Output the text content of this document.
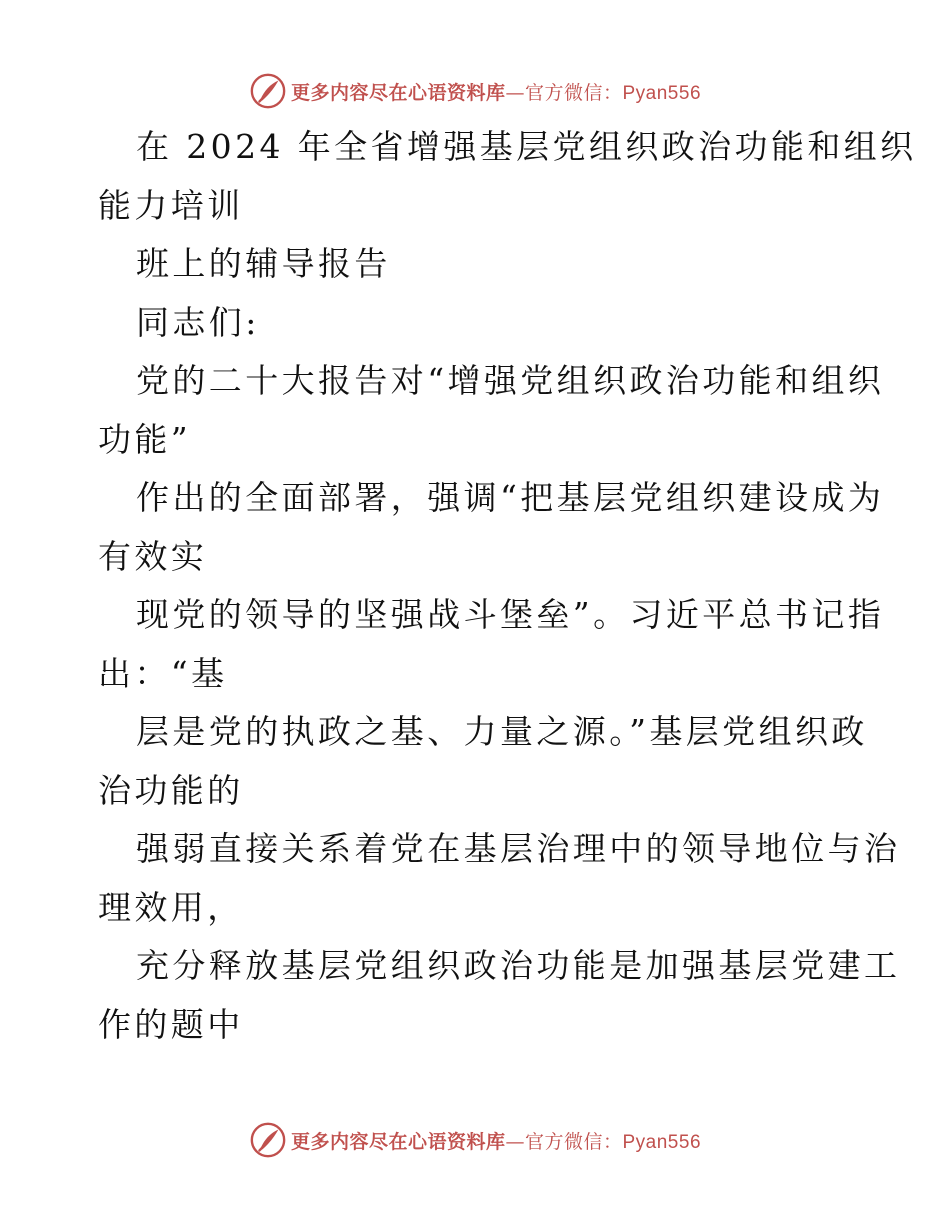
更多内容尽在心语资料库—官方微信：Pyan556
在 2024 年全省增强基层党组织政治功能和组织
能力培训
班上的辅导报告
同志们:
党的二十大报告对“增强党组织政治功能和组织
功能”
作出的全面部署，强调“把基层党组织建设成为
有效实
现党的领导的坚强战斗堡垒”。习近平总书记指
出：“基
层是党的执政之基、力量之源。”基层党组织政
治功能的
强弱直接关系着党在基层治理中的领导地位与治
理效用，
充分释放基层党组织政治功能是加强基层党建工
作的题中
更多内容尽在心语资料库—官方微信：Pyan556
